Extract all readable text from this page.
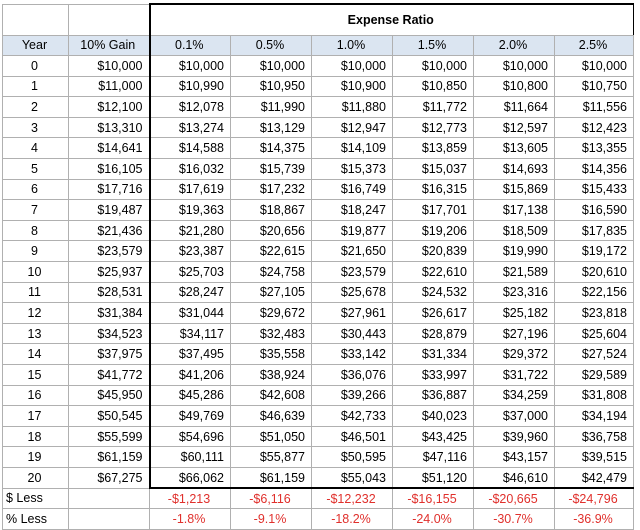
		Expense Ratio					
Year	10% Gain	0.1%	0.5%	1.0%	1.5%	2.0%	2.5%
0	$10,000	$10,000	$10,000	$10,000	$10,000	$10,000	$10,000
1	$11,000	$10,990	$10,950	$10,900	$10,850	$10,800	$10,750
2	$12,100	$12,078	$11,990	$11,880	$11,772	$11,664	$11,556
3	$13,310	$13,274	$13,129	$12,947	$12,773	$12,597	$12,423
4	$14,641	$14,588	$14,375	$14,109	$13,859	$13,605	$13,355
5	$16,105	$16,032	$15,739	$15,373	$15,037	$14,693	$14,356
6	$17,716	$17,619	$17,232	$16,749	$16,315	$15,869	$15,433
7	$19,487	$19,363	$18,867	$18,247	$17,701	$17,138	$16,590
8	$21,436	$21,280	$20,656	$19,877	$19,206	$18,509	$17,835
9	$23,579	$23,387	$22,615	$21,650	$20,839	$19,990	$19,172
10	$25,937	$25,703	$24,758	$23,579	$22,610	$21,589	$20,610
11	$28,531	$28,247	$27,105	$25,678	$24,532	$23,316	$22,156
12	$31,384	$31,044	$29,672	$27,961	$26,617	$25,182	$23,818
13	$34,523	$34,117	$32,483	$30,443	$28,879	$27,196	$25,604
14	$37,975	$37,495	$35,558	$33,142	$31,334	$29,372	$27,524
15	$41,772	$41,206	$38,924	$36,076	$33,997	$31,722	$29,589
16	$45,950	$45,286	$42,608	$39,266	$36,887	$34,259	$31,808
17	$50,545	$49,769	$46,639	$42,733	$40,023	$37,000	$34,194
18	$55,599	$54,696	$51,050	$46,501	$43,425	$39,960	$36,758
19	$61,159	$60,111	$55,877	$50,595	$47,116	$43,157	$39,515
20	$67,275	$66,062	$61,159	$55,043	$51,120	$46,610	$42,479
$ Less		-$1,213	-$6,116	-$12,232	-$16,155	-$20,665	-$24,796
% Less		-1.8%	-9.1%	-18.2%	-24.0%	-30.7%	-36.9%
